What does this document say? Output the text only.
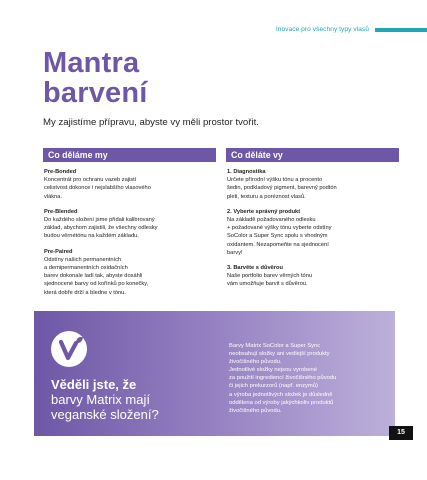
Inovace pro všechny typy vlasů
Mantra
barvení
My zajistíme přípravu, abyste vy měli prostor tvořit.
Co děláme my
Pre-Bonded
Koncentrát pro ochranu vazeb zajistí
celistvost dokonce i nejslabšího vlasového
vlákna.
Pre-Blended
Do každého složení jsme přidali kalibrovaný
základ, abychom zajistili, že všechny odlesky
budou věrnétónu na každém základu.
Pre-Paired
Odstíny našich permanentních
a demipermanentních oxidačních
barev dokonale ladí tak, abyste dosáhli
sjednocené barvy od kořínků po konečky,
která dobře drží a bledne v tónu.
Co děláte vy
1. Diagnostika
Určete přírodní výšku tónu a procento
šedin, podkladový pigment, barevný podtón
pleti, texturu a poréznost vlasů.
2. Vyberte správný produkt
Na základě požadovaného odlesku
+ požadované výšky tónu vyberte odstíny
SoColor a Super Sync spolu s vhodným
oxidantem. Nezapomeňte na sjednocení
barvy!
3. Barvěte s důvěrou
Naše portfolio barev věrných tónu
vám umožňuje barvit s důvěrou.
Věděli jste, že
barvy Matrix mají
veganské složení?
Barvy Matrix SoColor a Super Sync
neobsahují složky ani vedlejší produkty
živočišného původu.
Jednotlivé složky nejsou vyrobené
za použití ingrediencí živočišného původu
či jejich prekurzorů (např. enzymů)
a výroba jednotlivých složek je důsledně
oddělena od výroby jakýchkoliv produktů
živočišného původu.
15
